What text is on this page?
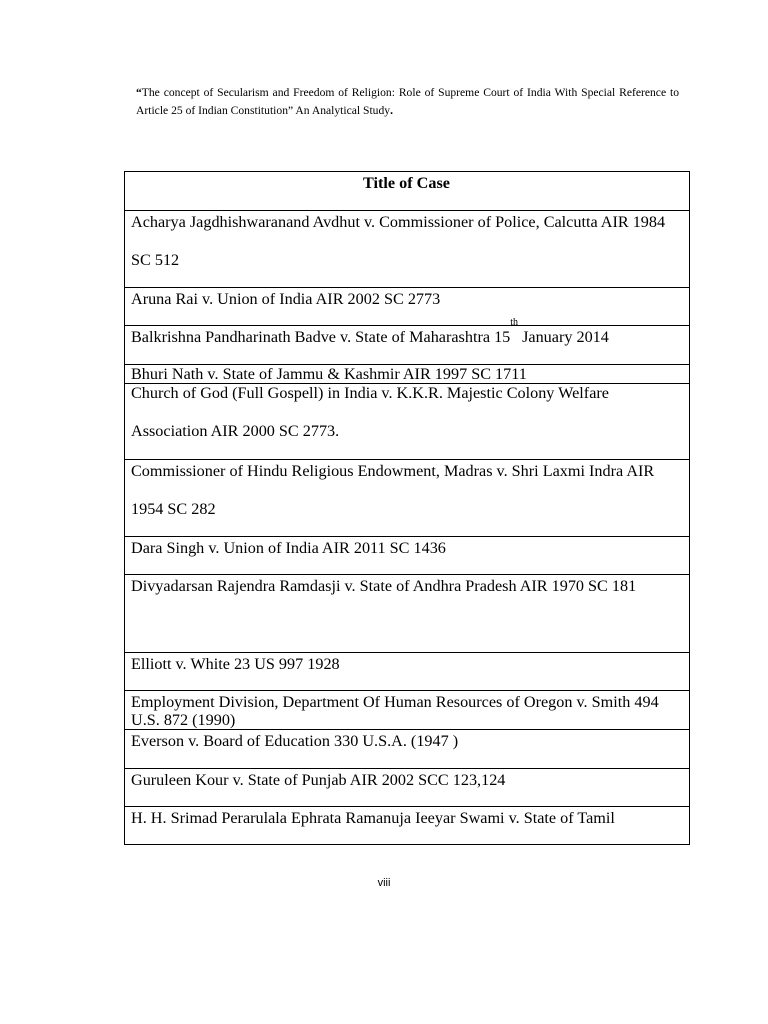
“The concept of Secularism and Freedom of Religion: Role of Supreme Court of India With Special Reference to Article 25 of Indian Constitution” An Analytical Study.
Title of Case

Acharya Jagdhishwaranand Avdhut v. Commissioner of Police, Calcutta AIR 1984 SC 512

Aruna Rai v. Union of India AIR 2002 SC 2773

Balkrishna Pandharinath Badve v. State of Maharashtra 15th January 2014

Bhuri Nath v. State of Jammu & Kashmir AIR 1997 SC 1711

Church of God (Full Gospell) in India v. K.K.R. Majestic Colony Welfare Association AIR 2000 SC 2773.

Commissioner of Hindu Religious Endowment, Madras v. Shri Laxmi Indra AIR 1954 SC 282

Dara Singh v. Union of India AIR 2011 SC 1436

Divyadarsan Rajendra Ramdasji v. State of Andhra Pradesh AIR 1970 SC 181

Elliott v. White 23 US 997 1928

Employment Division, Department Of Human Resources of Oregon v. Smith 494 U.S. 872 (1990)

Everson v. Board of Education 330 U.S.A. (1947 )

Guruleen Kour v. State of Punjab AIR 2002 SCC 123,124

H. H. Srimad Perarulala Ephrata Ramanuja Ieeyar Swami v. State of Tamil
viii
